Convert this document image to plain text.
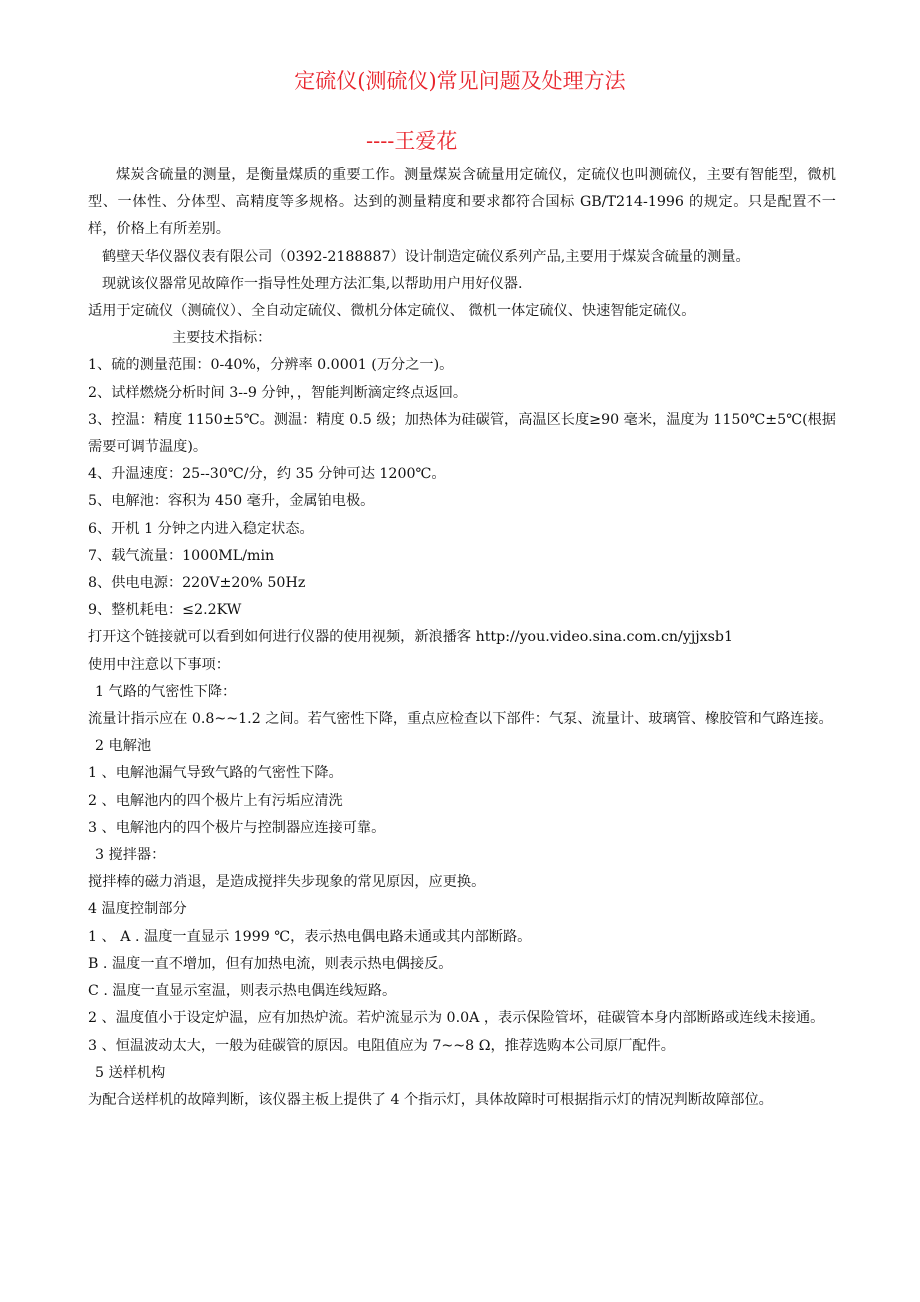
定硫仪(测硫仪)常见问题及处理方法
----王爱花

煤炭含硫量的测量，是衡量煤质的重要工作。测量煤炭含硫量用定硫仪，定硫仪也叫测硫仪，主要有智能型，微机型、一体性、分体型、高精度等多规格。达到的测量精度和要求都符合国标 GB/T214-1996 的规定。只是配置不一样，价格上有所差别。

鹤壁天华仪器仪表有限公司（0392-2188887）设计制造定硫仪系列产品,主要用于煤炭含硫量的测量。

现就该仪器常见故障作一指导性处理方法汇集,以帮助用户用好仪器.

适用于定硫仪（测硫仪）、全自动定硫仪、微机分体定硫仪、 微机一体定硫仪、快速智能定硫仪。

主要技术指标：

1、硫的测量范围：0-40%，分辨率 0.0001 (万分之一)。

2、试样燃烧分析时间 3--9 分钟，，智能判断滴定终点返回。

3、控温：精度 1150±5℃。测温：精度 0.5 级；加热体为硅碳管，高温区长度≥90 毫米，温度为 1150℃±5℃(根据需要可调节温度)。

4、升温速度：25--30℃/分，约 35 分钟可达 1200℃。

5、电解池：容积为 450 毫升，金属铂电极。

6、开机 1 分钟之内进入稳定状态。

7、载气流量：1000ML/min

8、供电电源：220V±20% 50Hz

9、整机耗电：≤2.2KW

打开这个链接就可以看到如何进行仪器的使用视频，新浪播客 http://you.video.sina.com.cn/yjjxsb1

使用中注意以下事项：

1 气路的气密性下降：

流量计指示应在 0.8~~1.2 之间。若气密性下降，重点应检查以下部件：气泵、流量计、玻璃管、橡胶管和气路连接。

2 电解池

1 、电解池漏气导致气路的气密性下降。

2 、电解池内的四个极片上有污垢应清洗

3 、电解池内的四个极片与控制器应连接可靠。

3 搅拌器：

搅拌棒的磁力消退，是造成搅拌失步现象的常见原因，应更换。

4 温度控制部分

1 、 A . 温度一直显示 1999 ℃，表示热电偶电路未通或其内部断路。

B . 温度一直不增加，但有加热电流，则表示热电偶接反。

C . 温度一直显示室温，则表示热电偶连线短路。

2 、温度值小于设定炉温，应有加热炉流。若炉流显示为 0.0A ，表示保险管坏，硅碳管本身内部断路或连线未接通。

3 、恒温波动太大，一般为硅碳管的原因。电阻值应为 7~~8 Ω，推荐选购本公司原厂配件。

5 送样机构

为配合送样机的故障判断，该仪器主板上提供了 4 个指示灯，具体故障时可根据指示灯的情况判断故障部位。
